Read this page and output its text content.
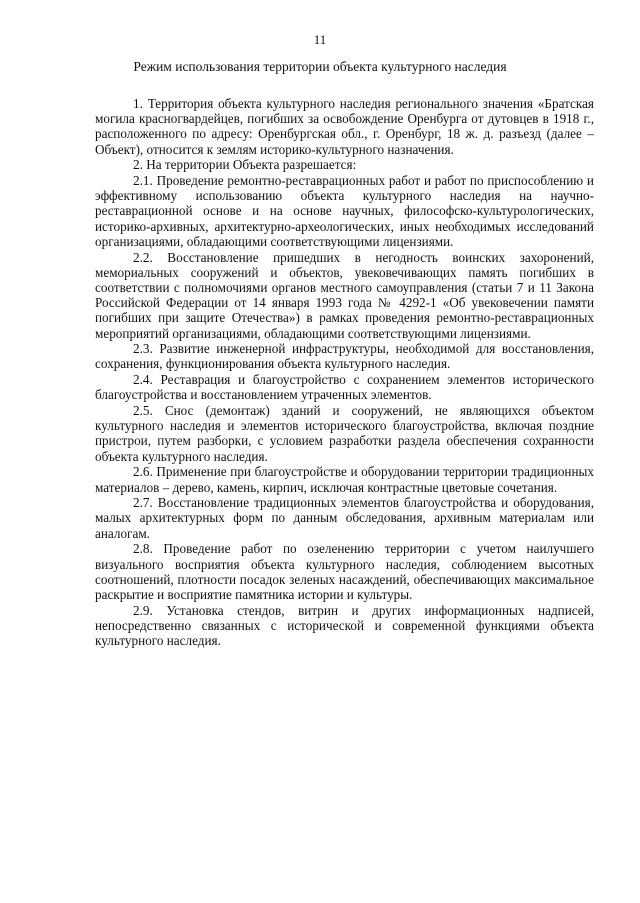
11
Режим использования территории объекта культурного наследия

1. Территория объекта культурного наследия регионального значения «Братская могила красногвардейцев, погибших за освобождение Оренбурга от дутовцев в 1918 г., расположенного по адресу: Оренбургская обл., г. Оренбург, 18 ж. д. разъезд (далее – Объект), относится к землям историко-культурного назначения.

2. На территории Объекта разрешается:

2.1. Проведение ремонтно-реставрационных работ и работ по приспособлению и эффективному использованию объекта культурного наследия на научно-реставрационной основе и на основе научных, философско-культурологических, историко-архивных, архитектурно-археологических, иных необходимых исследований организациями, обладающими соответствующими лицензиями.

2.2. Восстановление пришедших в негодность воинских захоронений, мемориальных сооружений и объектов, увековечивающих память погибших в соответствии с полномочиями органов местного самоуправления (статьи 7 и 11 Закона Российской Федерации от 14 января 1993 года № 4292-1 «Об увековечении памяти погибших при защите Отечества») в рамках проведения ремонтно-реставрационных мероприятий организациями, обладающими соответствующими лицензиями.

2.3. Развитие инженерной инфраструктуры, необходимой для восстановления, сохранения, функционирования объекта культурного наследия.

2.4. Реставрация и благоустройство с сохранением элементов исторического благоустройства и восстановлением утраченных элементов.

2.5. Снос (демонтаж) зданий и сооружений, не являющихся объектом культурного наследия и элементов исторического благоустройства, включая поздние пристрои, путем разборки, с условием разработки раздела обеспечения сохранности объекта культурного наследия.

2.6. Применение при благоустройстве и оборудовании территории традиционных материалов – дерево, камень, кирпич, исключая контрастные цветовые сочетания.

2.7. Восстановление традиционных элементов благоустройства и оборудования, малых архитектурных форм по данным обследования, архивным материалам или аналогам.

2.8. Проведение работ по озеленению территории с учетом наилучшего визуального восприятия объекта культурного наследия, соблюдением высотных соотношений, плотности посадок зеленых насаждений, обеспечивающих максимальное раскрытие и восприятие памятника истории и культуры.

2.9. Установка стендов, витрин и других информационных надписей, непосредственно связанных с исторической и современной функциями объекта культурного наследия.
